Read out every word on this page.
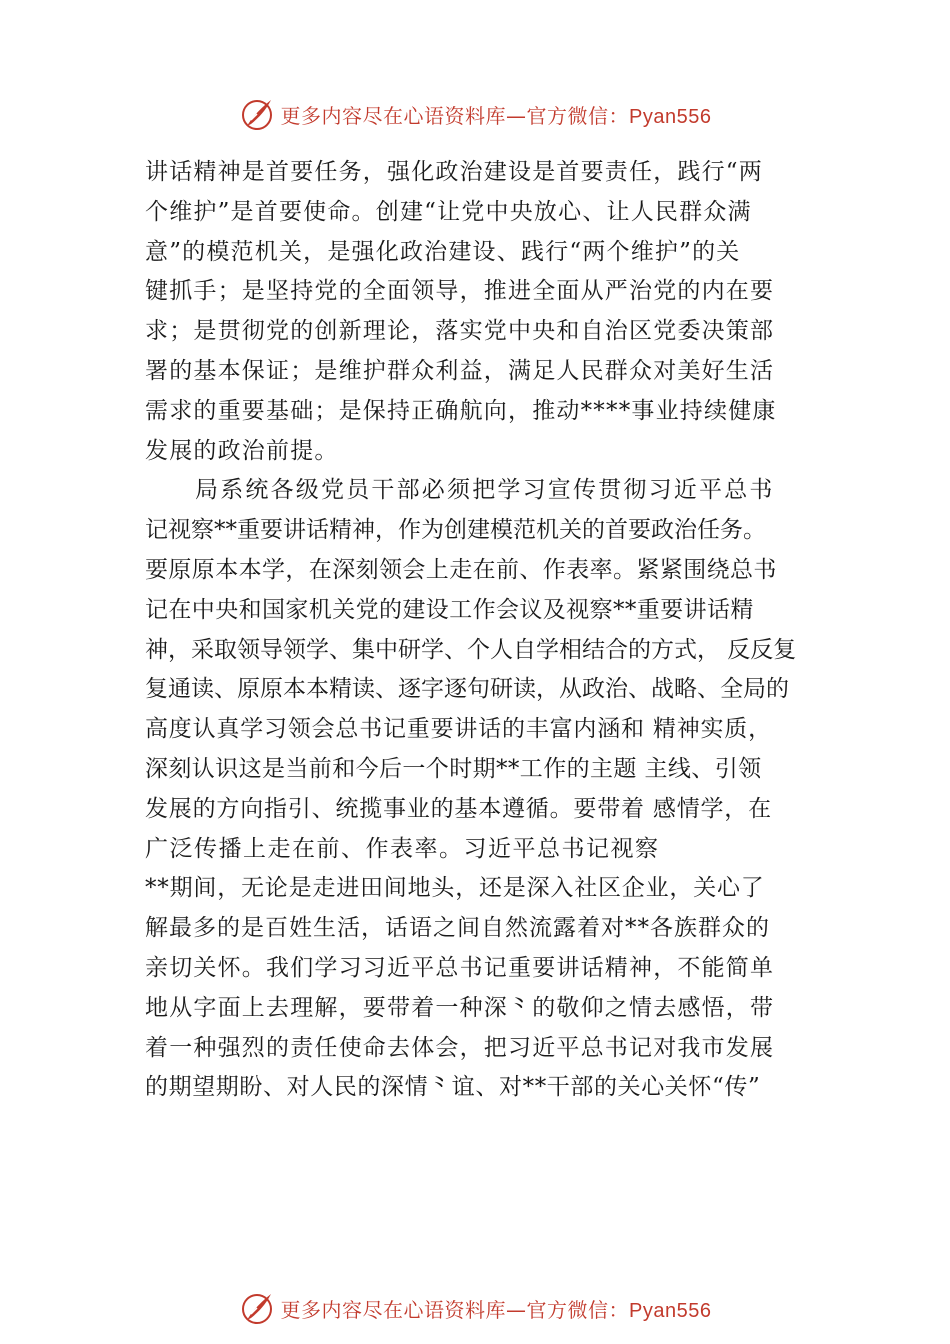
更多内容尽在心语资料库—官方微信：Pyan556
讲话精神是首要任务，强化政治建设是首要责任，践行“两
个维护”是首要使命。创建“让党中央放心、让人民群众满
意”的模范机关，是强化政治建设、践行“两个维护”的关
键抓手；是坚持党的全面领导，推进全面从严治党的内在要
求；是贯彻党的创新理论，落实党中央和自治区党委决策部
署的基本保证；是维护群众利益，满足人民群众对美好生活
需求的重要基础；是保持正确航向，推动****事业持续健康
发展的政治前提。
局系统各级党员干部必须把学习宣传贯彻习近平总书
记视察**重要讲话精神，作为创建模范机关的首要政治任务。
要原原本本学，在深刻领会上走在前、作表率。紧紧围绕总书
记在中央和国家机关党的建设工作会议及视察**重要讲话精
神，采取领导领学、集中研学、个人自学相结合的方式， 反反复
复通读、原原本本精读、逐字逐句研读，从政治、战略、全局的
高度认真学习领会总书记重要讲话的丰富内涵和 精神实质，
深刻认识这是当前和今后一个时期**工作的主题 主线、引领
发展的方向指引、统揽事业的基本遵循。要带着 感情学，在
广泛传播上走在前、作表率。习近平总书记视察
**期间，无论是走进田间地头，还是深入社区企业，关心了
解最多的是百姓生活，话语之间自然流露着对**各族群众的
亲切关怀。我们学习习近平总书记重要讲话精神，不能简单
地从字面上去理解，要带着一种深⺀的敬仰之情去感悟，带
着一种强烈的责任使命去体会，把习近平总书记对我市发展
的期望期盼、对人民的深情⺀谊、对**干部的关心关怀“传”
更多内容尽在心语资料库—官方微信：Pyan556
